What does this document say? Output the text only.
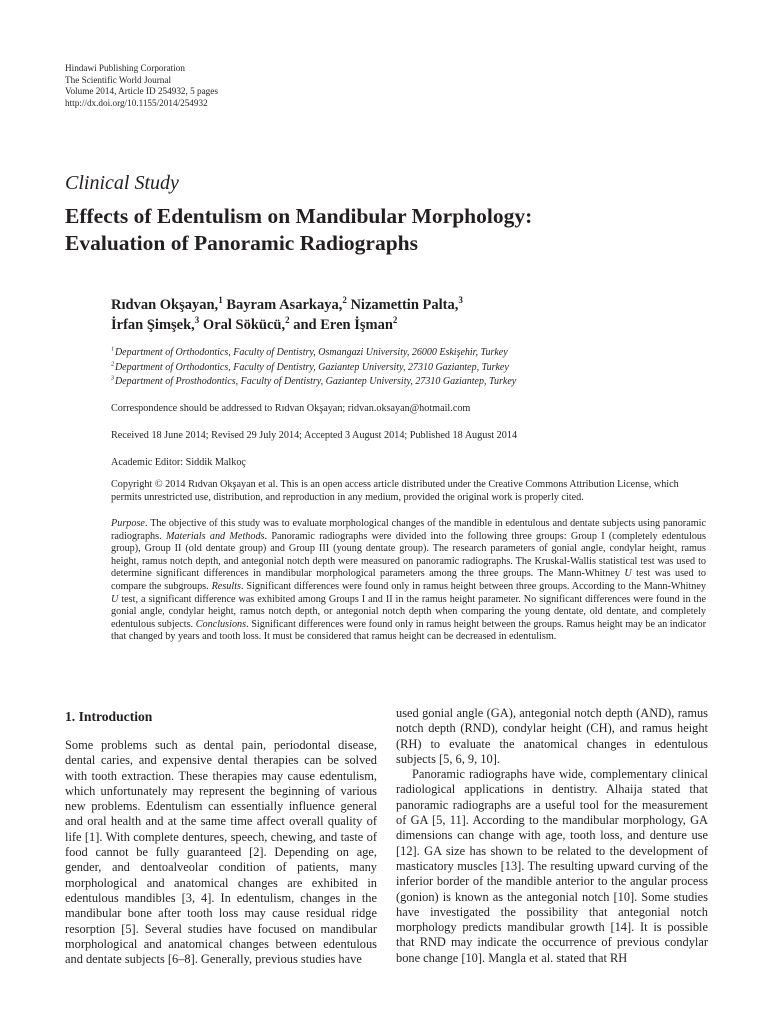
Hindawi Publishing Corporation
The Scientific World Journal
Volume 2014, Article ID 254932, 5 pages
http://dx.doi.org/10.1155/2014/254932
Clinical Study
Effects of Edentulism on Mandibular Morphology:
Evaluation of Panoramic Radiographs
Rıdvan Okşayan,$^1$ Bayram Asarkaya,$^2$ Nizamettin Palta,$^3$
İrfan Şimşek,$^3$ Oral Sökücü,$^2$ and Eren İşman$^2$
$^1$ Department of Orthodontics, Faculty of Dentistry, Osmangazi University, 26000 Eskişehir, Turkey
$^2$ Department of Orthodontics, Faculty of Dentistry, Gaziantep University, 27310 Gaziantep, Turkey
$^3$ Department of Prosthodontics, Faculty of Dentistry, Gaziantep University, 27310 Gaziantep, Turkey
Correspondence should be addressed to Rıdvan Okşayan; ridvan.oksayan@hotmail.com
Received 18 June 2014; Revised 29 July 2014; Accepted 3 August 2014; Published 18 August 2014
Academic Editor: Siddik Malkoç
Copyright © 2014 Rıdvan Okşayan et al. This is an open access article distributed under the Creative Commons Attribution License, which permits unrestricted use, distribution, and reproduction in any medium, provided the original work is properly cited.
Purpose. The objective of this study was to evaluate morphological changes of the mandible in edentulous and dentate subjects using panoramic radiographs. Materials and Methods. Panoramic radiographs were divided into the following three groups: Group I (completely edentulous group), Group II (old dentate group) and Group III (young dentate group). The research parameters of gonial angle, condylar height, ramus height, ramus notch depth, and antegonial notch depth were measured on panoramic radiographs. The Kruskal-Wallis statistical test was used to determine significant differences in mandibular morphological parameters among the three groups. The Mann-Whitney U test was used to compare the subgroups. Results. Significant differences were found only in ramus height between three groups. According to the Mann-Whitney U test, a significant difference was exhibited among Groups I and II in the ramus height parameter. No significant differences were found in the gonial angle, condylar height, ramus notch depth, or antegonial notch depth when comparing the young dentate, old dentate, and completely edentulous subjects. Conclusions. Significant differences were found only in ramus height between the groups. Ramus height may be an indicator that changed by years and tooth loss. It must be considered that ramus height can be decreased in edentulism.
1. Introduction

Some problems such as dental pain, periodontal disease, dental caries, and expensive dental therapies can be solved with tooth extraction. These therapies may cause edentulism, which unfortunately may represent the beginning of various new problems. Edentulism can essentially influence general and oral health and at the same time affect overall quality of life [1]. With complete dentures, speech, chewing, and taste of food cannot be fully guaranteed [2]. Depending on age, gender, and dentoalveolar condition of patients, many morphological and anatomical changes are exhibited in edentulous mandibles [3, 4]. In edentulism, changes in the mandibular bone after tooth loss may cause residual ridge resorption [5]. Several studies have focused on mandibular morphological and anatomical changes between edentulous and dentate subjects [6–8]. Generally, previous studies have

used gonial angle (GA), antegonial notch depth (AND), ramus notch depth (RND), condylar height (CH), and ramus height (RH) to evaluate the anatomical changes in edentulous subjects [5, 6, 9, 10].

Panoramic radiographs have wide, complementary clinical radiological applications in dentistry. Alhaija stated that panoramic radiographs are a useful tool for the measurement of GA [5, 11]. According to the mandibular morphology, GA dimensions can change with age, tooth loss, and denture use [12]. GA size has shown to be related to the development of masticatory muscles [13]. The resulting upward curving of the inferior border of the mandible anterior to the angular process (gonion) is known as the antegonial notch [10]. Some studies have investigated the possibility that antegonial notch morphology predicts mandibular growth [14]. It is possible that RND may indicate the occurrence of previous condylar bone change [10]. Mangla et al. stated that RH
